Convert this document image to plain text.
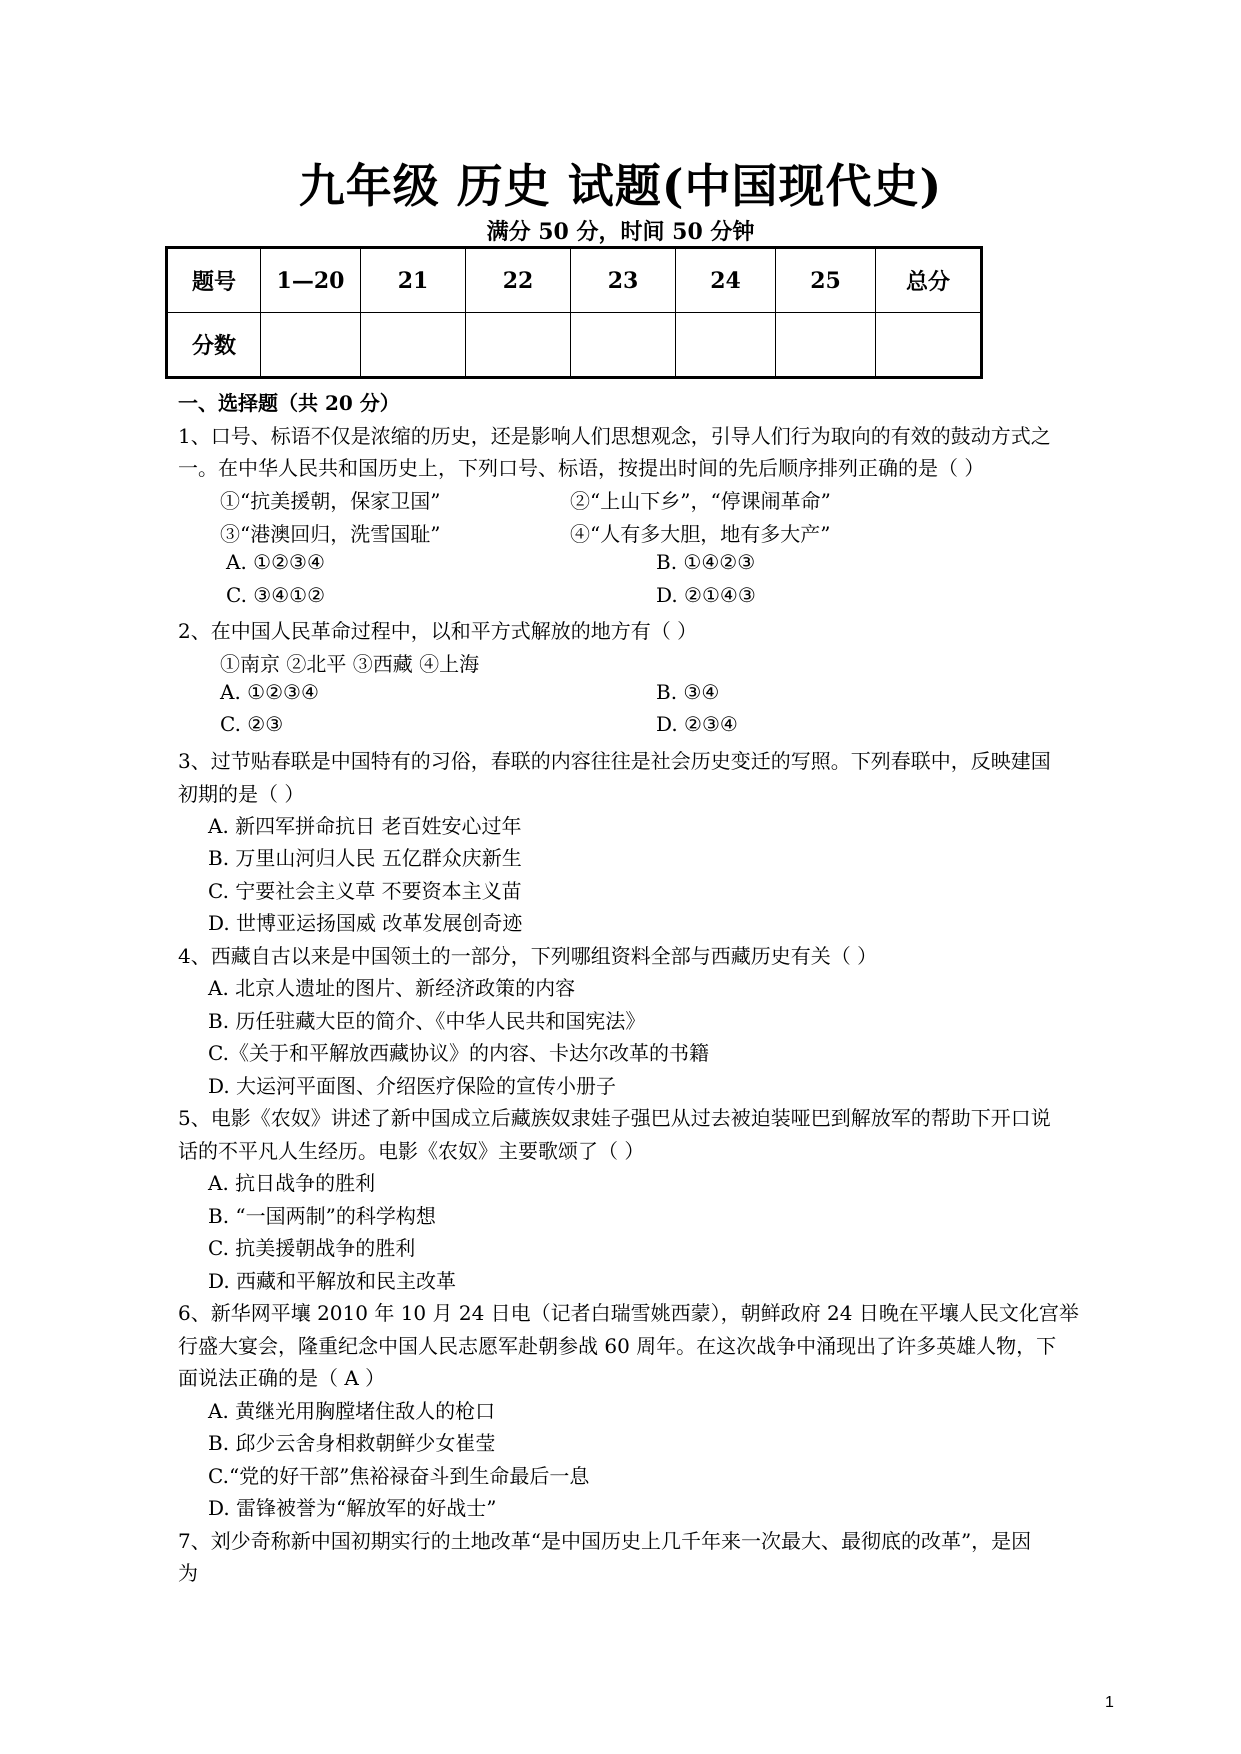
九年级 历史 试题(中国现代史)
满分 50 分，时间 50 分钟
题号	1—20	21	22	23	24	25	总分
分数							
一、选择题（共 20 分）
1、口号、标语不仅是浓缩的历史，还是影响人们思想观念，引导人们行为取向的有效的鼓动方式之
一。在中华人民共和国历史上，下列口号、标语，按提出时间的先后顺序排列正确的是（ ）
①“抗美援朝，保家卫国”	②“上山下乡”，“停课闹革命”
③“港澳回归，洗雪国耻”	④“人有多大胆，地有多大产”
A. ①②③④	B. ①④②③
C. ③④①②	D. ②①④③
2、在中国人民革命过程中，以和平方式解放的地方有（ ）
①南京 ②北平 ③西藏 ④上海
A. ①②③④	B. ③④
C. ②③	D. ②③④
3、过节贴春联是中国特有的习俗，春联的内容往往是社会历史变迁的写照。下列春联中，反映建国
初期的是（ ）
A. 新四军拼命抗日 老百姓安心过年
B. 万里山河归人民 五亿群众庆新生
C. 宁要社会主义草 不要资本主义苗
D. 世博亚运扬国威 改革发展创奇迹
4、西藏自古以来是中国领土的一部分，下列哪组资料全部与西藏历史有关（ ）
A. 北京人遗址的图片、新经济政策的内容
B. 历任驻藏大臣的简介、《中华人民共和国宪法》
C.《关于和平解放西藏协议》的内容、卡达尔改革的书籍
D. 大运河平面图、介绍医疗保险的宣传小册子
5、电影《农奴》讲述了新中国成立后藏族奴隶娃子强巴从过去被迫装哑巴到解放军的帮助下开口说
话的不平凡人生经历。电影《农奴》主要歌颂了（ ）
A. 抗日战争的胜利
B. “一国两制”的科学构想
C. 抗美援朝战争的胜利
D. 西藏和平解放和民主改革
6、新华网平壤 2010 年 10 月 24 日电（记者白瑞雪姚西蒙），朝鲜政府 24 日晚在平壤人民文化宫举
行盛大宴会，隆重纪念中国人民志愿军赴朝参战 60 周年。在这次战争中涌现出了许多英雄人物，下
面说法正确的是（ A ）
A. 黄继光用胸膛堵住敌人的枪口
B. 邱少云舍身相救朝鲜少女崔莹
C.“党的好干部”焦裕禄奋斗到生命最后一息
D. 雷锋被誉为“解放军的好战士”
7、刘少奇称新中国初期实行的土地改革“是中国历史上几千年来一次最大、最彻底的改革”，是因
为
1
